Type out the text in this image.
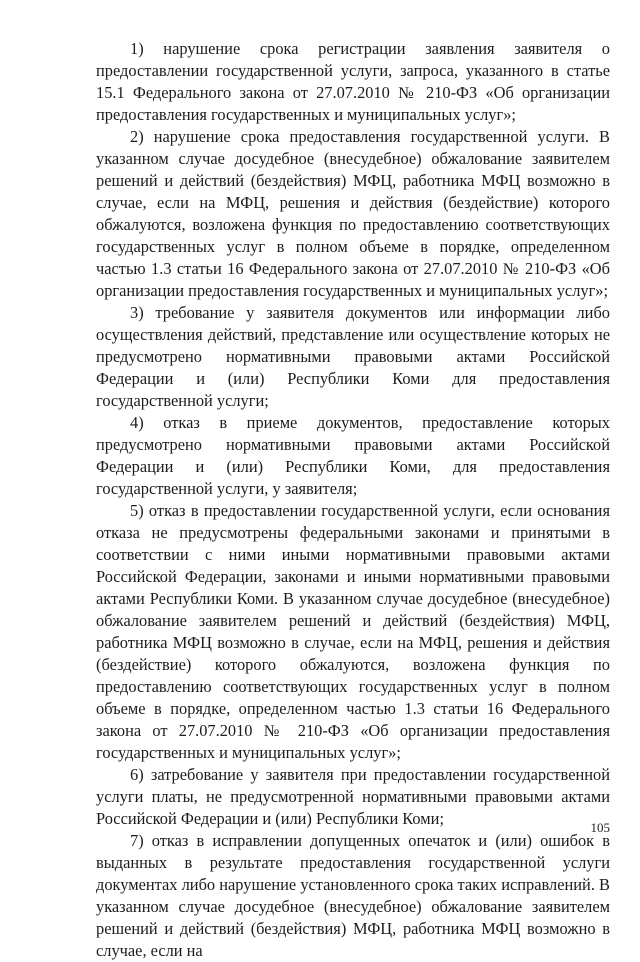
1) нарушение срока регистрации заявления заявителя о предоставлении государственной услуги, запроса, указанного в статье 15.1 Федерального закона от 27.07.2010 № 210-ФЗ «Об организации предоставления государственных и муниципальных услуг»;

2) нарушение срока предоставления государственной услуги. В указанном случае досудебное (внесудебное) обжалование заявителем решений и действий (бездействия) МФЦ, работника МФЦ возможно в случае, если на МФЦ, решения и действия (бездействие) которого обжалуются, возложена функция по предоставлению соответствующих государственных услуг в полном объеме в порядке, определенном частью 1.3 статьи 16 Федерального закона от 27.07.2010 № 210-ФЗ «Об организации предоставления государственных и муниципальных услуг»;

3) требование у заявителя документов или информации либо осуществления действий, представление или осуществление которых не предусмотрено нормативными правовыми актами Российской Федерации и (или) Республики Коми для предоставления государственной услуги;

4) отказ в приеме документов, предоставление которых предусмотрено нормативными правовыми актами Российской Федерации и (или) Республики Коми, для предоставления государственной услуги, у заявителя;

5) отказ в предоставлении государственной услуги, если основания отказа не предусмотрены федеральными законами и принятыми в соответствии с ними иными нормативными правовыми актами Российской Федерации, законами и иными нормативными правовыми актами Республики Коми. В указанном случае досудебное (внесудебное) обжалование заявителем решений и действий (бездействия) МФЦ, работника МФЦ возможно в случае, если на МФЦ, решения и действия (бездействие) которого обжалуются, возложена функция по предоставлению соответствующих государственных услуг в полном объеме в порядке, определенном частью 1.3 статьи 16 Федерального закона от 27.07.2010 № 210-ФЗ «Об организации предоставления государственных и муниципальных услуг»;

6) затребование у заявителя при предоставлении государственной услуги платы, не предусмотренной нормативными правовыми актами Российской Федерации и (или) Республики Коми;

7) отказ в исправлении допущенных опечаток и (или) ошибок в выданных в результате предоставления государственной услуги документах либо нарушение установленного срока таких исправлений. В указанном случае досудебное (внесудебное) обжалование заявителем решений и действий (бездействия) МФЦ, работника МФЦ возможно в случае, если на

105
